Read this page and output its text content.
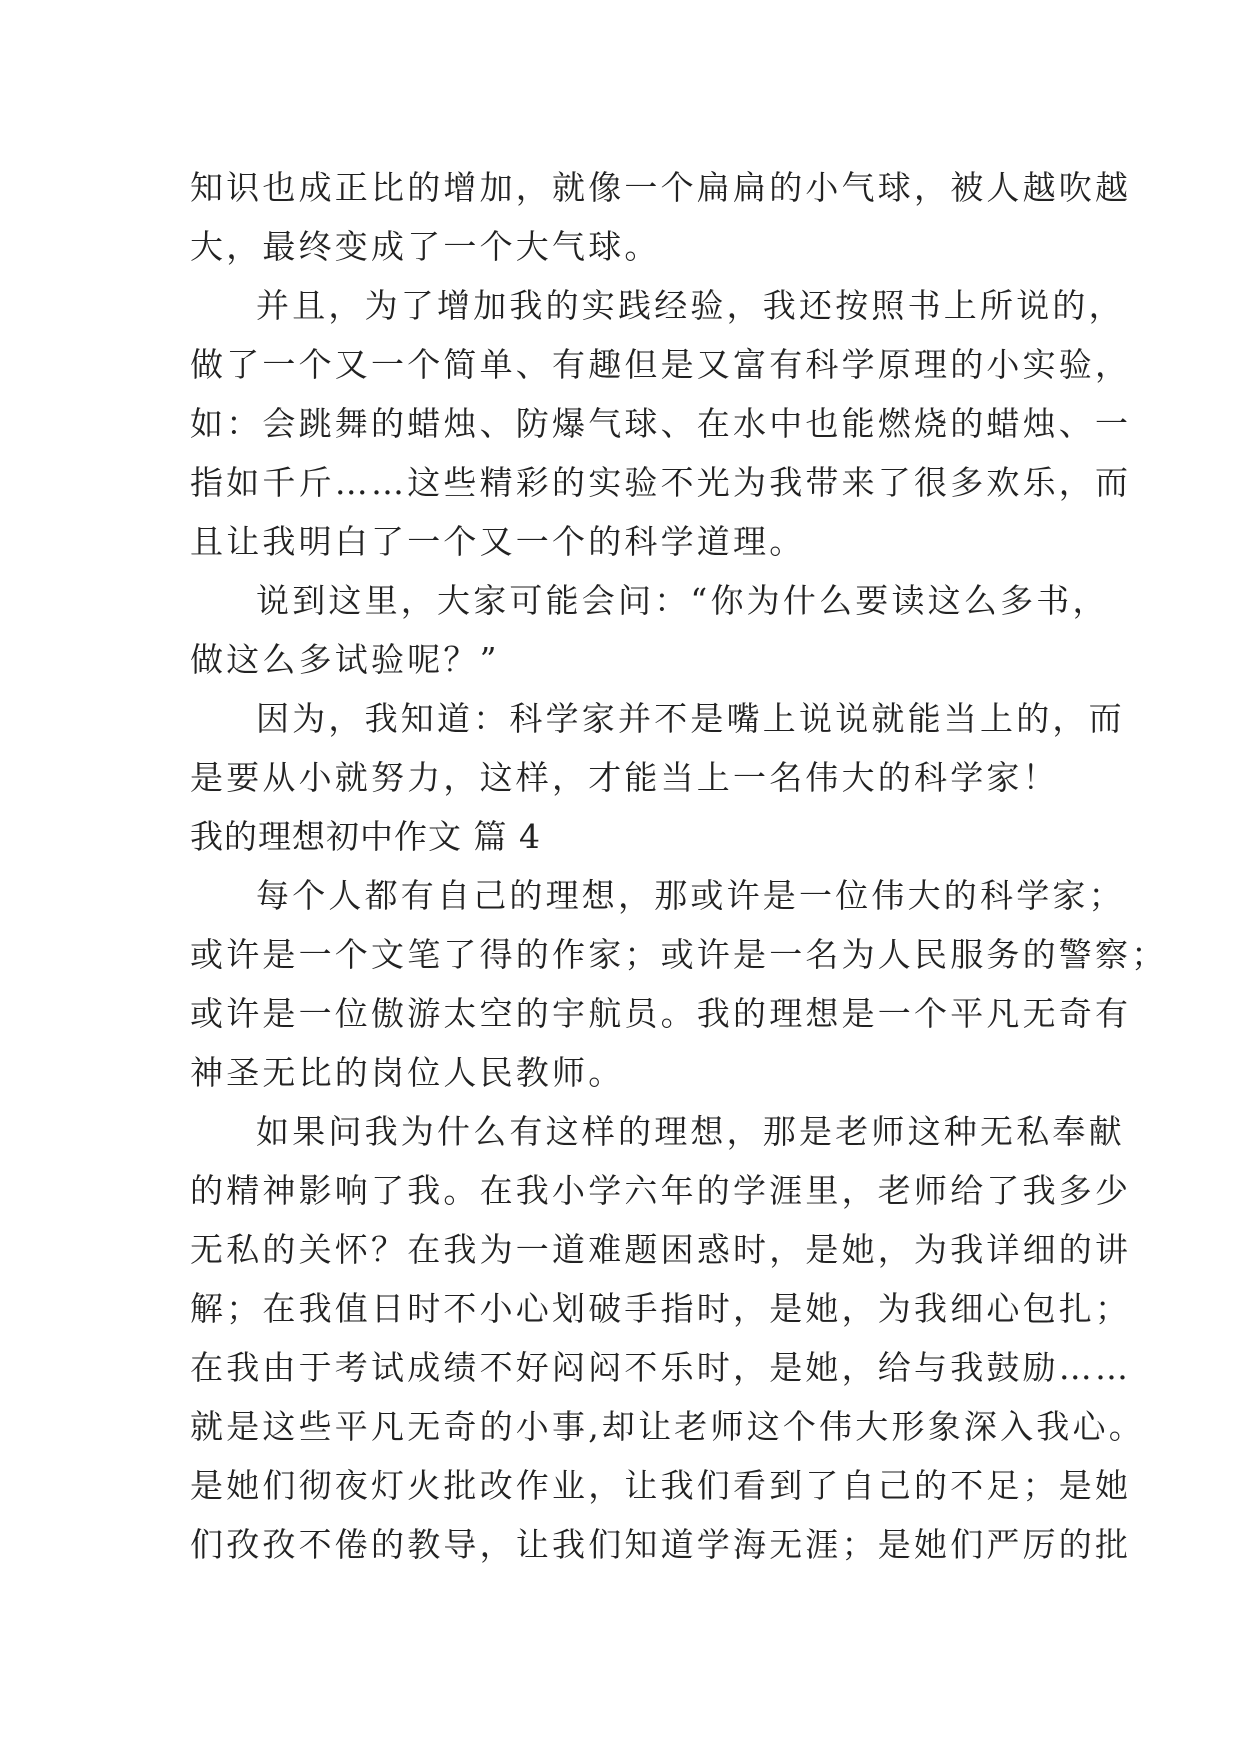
知识也成正比的增加，就像一个扁扁的小气球，被人越吹越
大，最终变成了一个大气球。
并且，为了增加我的实践经验，我还按照书上所说的，
做了一个又一个简单、有趣但是又富有科学原理的小实验，
如：会跳舞的蜡烛、防爆气球、在水中也能燃烧的蜡烛、一
指如千斤……这些精彩的实验不光为我带来了很多欢乐，而
且让我明白了一个又一个的科学道理。
说到这里，大家可能会问：“你为什么要读这么多书，
做这么多试验呢？”
因为，我知道：科学家并不是嘴上说说就能当上的，而
是要从小就努力，这样，才能当上一名伟大的科学家！
我的理想初中作文 篇 4
每个人都有自己的理想，那或许是一位伟大的科学家；
或许是一个文笔了得的作家；或许是一名为人民服务的警察；
或许是一位傲游太空的宇航员。我的理想是一个平凡无奇有
神圣无比的岗位人民教师。
如果问我为什么有这样的理想，那是老师这种无私奉献
的精神影响了我。在我小学六年的学涯里，老师给了我多少
无私的关怀？在我为一道难题困惑时，是她，为我详细的讲
解；在我值日时不小心划破手指时，是她，为我细心包扎；
在我由于考试成绩不好闷闷不乐时，是她，给与我鼓励……
就是这些平凡无奇的小事,却让老师这个伟大形象深入我心。
是她们彻夜灯火批改作业，让我们看到了自己的不足；是她
们孜孜不倦的教导，让我们知道学海无涯；是她们严厉的批
